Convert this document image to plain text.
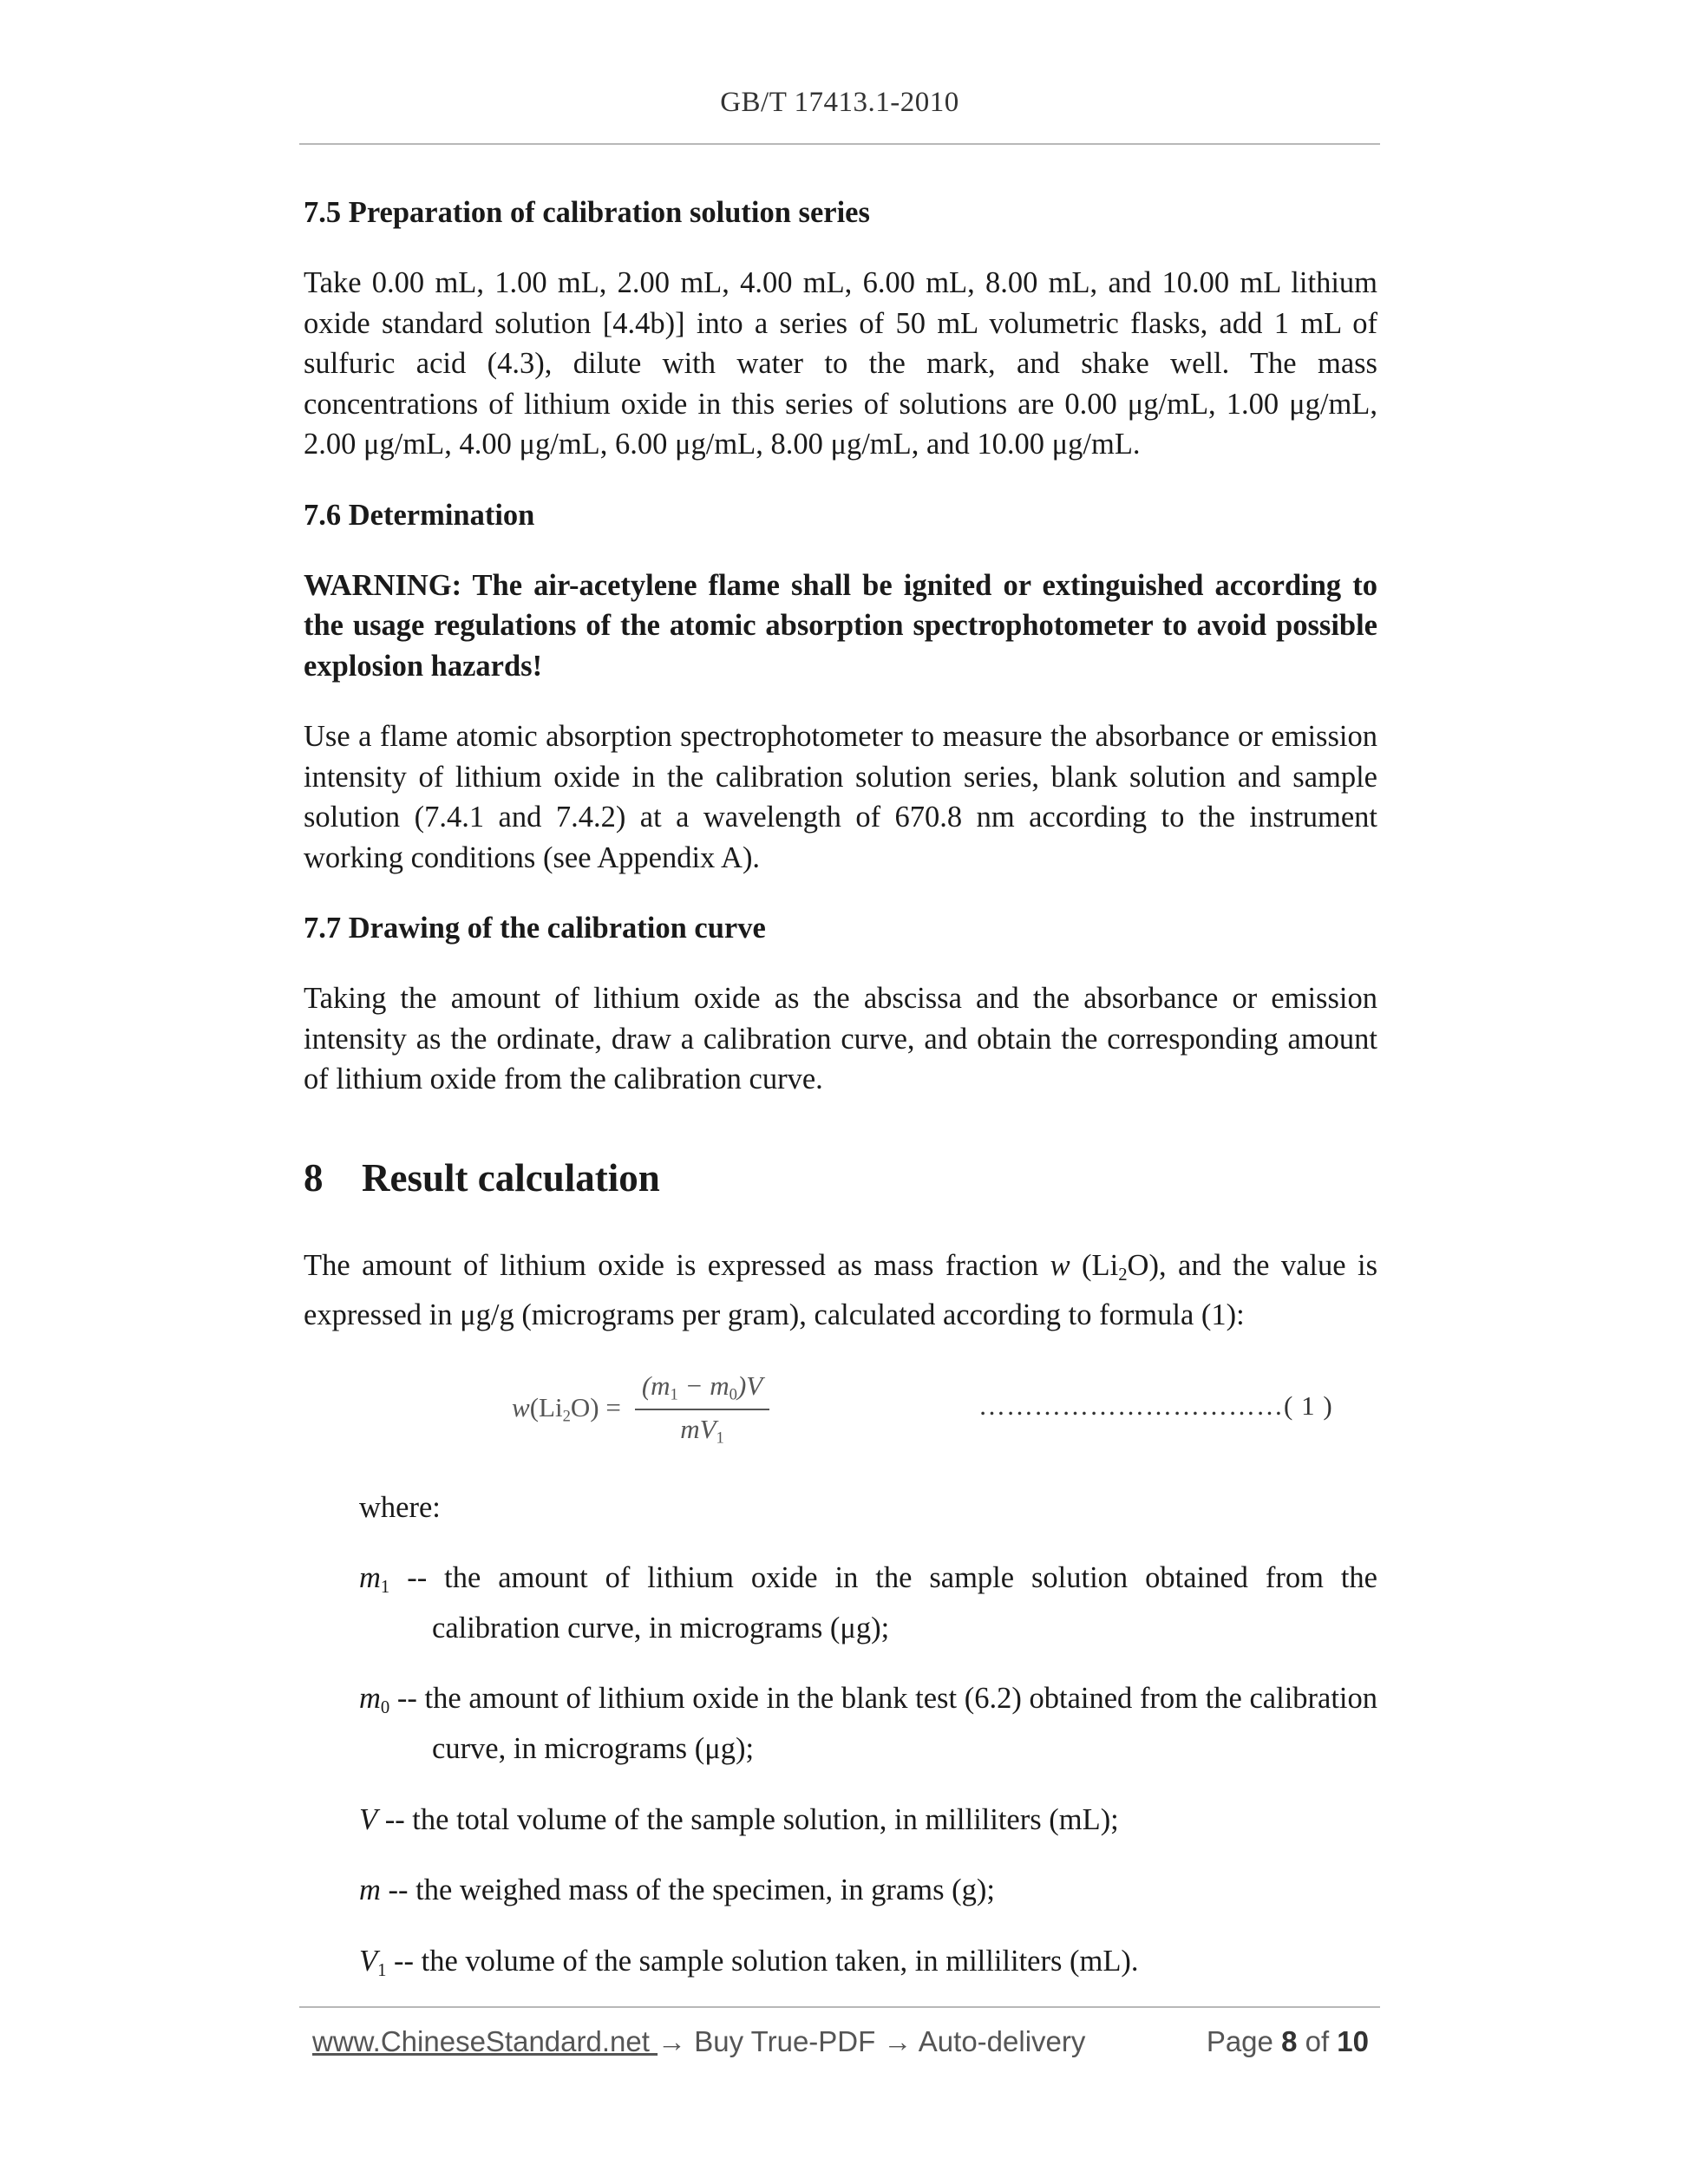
GB/T 17413.1-2010
7.5 Preparation of calibration solution series
Take 0.00 mL, 1.00 mL, 2.00 mL, 4.00 mL, 6.00 mL, 8.00 mL, and 10.00 mL lithium oxide standard solution [4.4b)] into a series of 50 mL volumetric flasks, add 1 mL of sulfuric acid (4.3), dilute with water to the mark, and shake well. The mass concentrations of lithium oxide in this series of solutions are 0.00 μg/mL, 1.00 μg/mL, 2.00 μg/mL, 4.00 μg/mL, 6.00 μg/mL, 8.00 μg/mL, and 10.00 μg/mL.
7.6 Determination
WARNING: The air-acetylene flame shall be ignited or extinguished according to the usage regulations of the atomic absorption spectrophotometer to avoid possible explosion hazards!
Use a flame atomic absorption spectrophotometer to measure the absorbance or emission intensity of lithium oxide in the calibration solution series, blank solution and sample solution (7.4.1 and 7.4.2) at a wavelength of 670.8 nm according to the instrument working conditions (see Appendix A).
7.7 Drawing of the calibration curve
Taking the amount of lithium oxide as the abscissa and the absorbance or emission intensity as the ordinate, draw a calibration curve, and obtain the corresponding amount of lithium oxide from the calibration curve.
8 Result calculation
The amount of lithium oxide is expressed as mass fraction w $(Li_2O)$, and the value is expressed in μg/g (micrograms per gram), calculated according to formula (1):
$w(Li_2O) = \frac{(m_1 - m_0)V}{mV_1}$	……………………………( 1 )
where:
$m_1$ -- the amount of lithium oxide in the sample solution obtained from the calibration curve, in micrograms (μg);
$m_0$ -- the amount of lithium oxide in the blank test (6.2) obtained from the calibration curve, in micrograms (μg);
V -- the total volume of the sample solution, in milliliters (mL);
m -- the weighed mass of the specimen, in grams (g);
$V_1$ -- the volume of the sample solution taken, in milliliters (mL).
www.ChineseStandard.net → Buy True-PDF → Auto-delivery	Page 8 of 10
